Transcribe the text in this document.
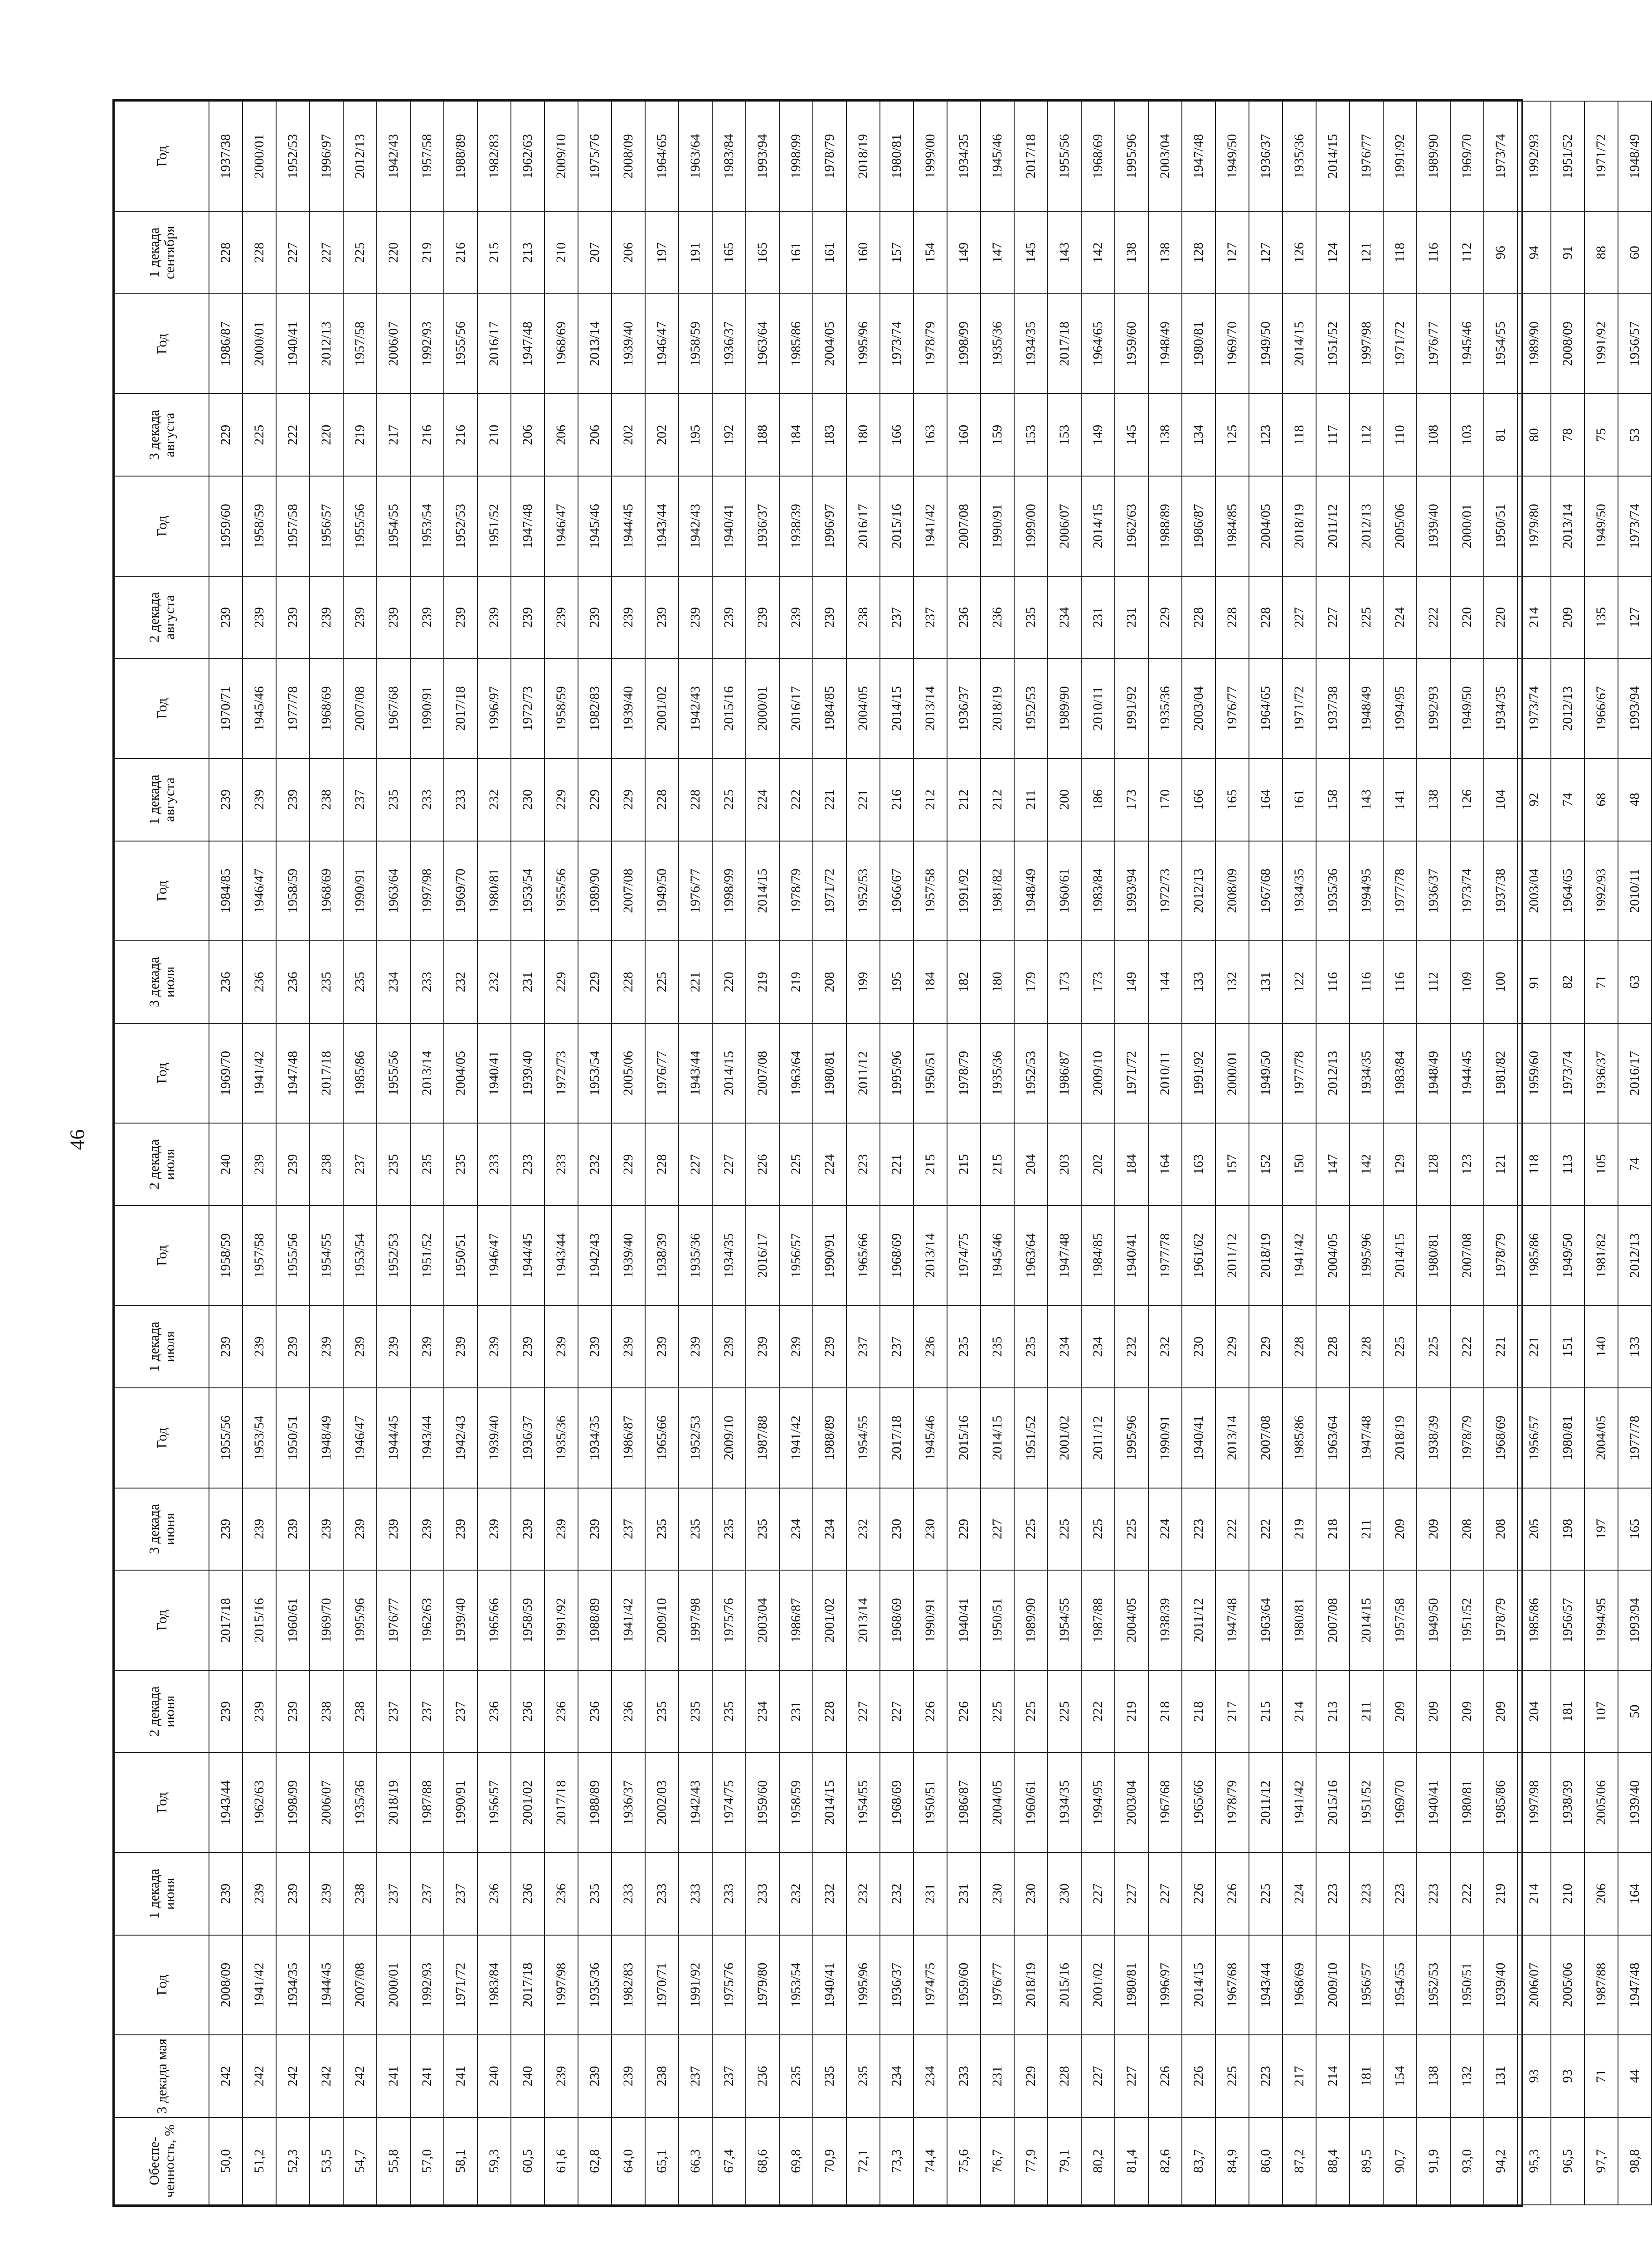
46
Обеспе- ченность, %	3 декада мая	Год	1 декада июня	Год	2 декада июня	Год	3 декада июня	Год	1 декада июля	Год	2 декада июля	Год	3 декада июля	Год	1 декада августа	Год	2 декада августа	Год	3 декада августа	Год	1 декада сентября	Год
50,0	242	2008/09	239	1943/44	239	2017/18	239	1955/56	239	1958/59	240	1969/70	236	1984/85	239	1970/71	239	1959/60	229	1986/87	228	1937/38
51,2	242	1941/42	239	1962/63	239	2015/16	239	1953/54	239	1957/58	239	1941/42	236	1946/47	239	1945/46	239	1958/59	225	2000/01	228	2000/01
52,3	242	1934/35	239	1998/99	239	1960/61	239	1950/51	239	1955/56	239	1947/48	236	1958/59	239	1977/78	239	1957/58	222	1940/41	227	1952/53
53,5	242	1944/45	239	2006/07	238	1969/70	239	1948/49	239	1954/55	238	2017/18	235	1968/69	238	1968/69	239	1956/57	220	2012/13	227	1996/97
54,7	242	2007/08	238	1935/36	238	1995/96	239	1946/47	239	1953/54	237	1985/86	235	1990/91	237	2007/08	239	1955/56	219	1957/58	225	2012/13
55,8	241	2000/01	237	2018/19	237	1976/77	239	1944/45	239	1952/53	235	1955/56	234	1963/64	235	1967/68	239	1954/55	217	2006/07	220	1942/43
57,0	241	1992/93	237	1987/88	237	1962/63	239	1943/44	239	1951/52	235	2013/14	233	1997/98	233	1990/91	239	1953/54	216	1992/93	219	1957/58
58,1	241	1971/72	237	1990/91	237	1939/40	239	1942/43	239	1950/51	235	2004/05	232	1969/70	233	2017/18	239	1952/53	216	1955/56	216	1988/89
59,3	240	1983/84	236	1956/57	236	1965/66	239	1939/40	239	1946/47	233	1940/41	232	1980/81	232	1996/97	239	1951/52	210	2016/17	215	1982/83
60,5	240	2017/18	236	2001/02	236	1958/59	239	1936/37	239	1944/45	233	1939/40	231	1953/54	230	1972/73	239	1947/48	206	1947/48	213	1962/63
61,6	239	1997/98	236	2017/18	236	1991/92	239	1935/36	239	1943/44	233	1972/73	229	1955/56	229	1958/59	239	1946/47	206	1968/69	210	2009/10
62,8	239	1935/36	235	1988/89	236	1988/89	239	1934/35	239	1942/43	232	1953/54	229	1989/90	229	1982/83	239	1945/46	206	2013/14	207	1975/76
64,0	239	1982/83	233	1936/37	236	1941/42	237	1986/87	239	1939/40	229	2005/06	228	2007/08	229	1939/40	239	1944/45	202	1939/40	206	2008/09
65,1	238	1970/71	233	2002/03	235	2009/10	235	1965/66	239	1938/39	228	1976/77	225	1949/50	228	2001/02	239	1943/44	202	1946/47	197	1964/65
66,3	237	1991/92	233	1942/43	235	1997/98	235	1952/53	239	1935/36	227	1943/44	221	1976/77	228	1942/43	239	1942/43	195	1958/59	191	1963/64
67,4	237	1975/76	233	1974/75	235	1975/76	235	2009/10	239	1934/35	227	2014/15	220	1998/99	225	2015/16	239	1940/41	192	1936/37	165	1983/84
68,6	236	1979/80	233	1959/60	234	2003/04	235	1987/88	239	2016/17	226	2007/08	219	2014/15	224	2000/01	239	1936/37	188	1963/64	165	1993/94
69,8	235	1953/54	232	1958/59	231	1986/87	234	1941/42	239	1956/57	225	1963/64	219	1978/79	222	2016/17	239	1938/39	184	1985/86	161	1998/99
70,9	235	1940/41	232	2014/15	228	2001/02	234	1988/89	239	1990/91	224	1980/81	208	1971/72	221	1984/85	239	1996/97	183	2004/05	161	1978/79
72,1	235	1995/96	232	1954/55	227	2013/14	232	1954/55	237	1965/66	223	2011/12	199	1952/53	221	2004/05	238	2016/17	180	1995/96	160	2018/19
73,3	234	1936/37	232	1968/69	227	1968/69	230	2017/18	237	1968/69	221	1995/96	195	1966/67	216	2014/15	237	2015/16	166	1973/74	157	1980/81
74,4	234	1974/75	231	1950/51	226	1990/91	230	1945/46	236	2013/14	215	1950/51	184	1957/58	212	2013/14	237	1941/42	163	1978/79	154	1999/00
75,6	233	1959/60	231	1986/87	226	1940/41	229	2015/16	235	1974/75	215	1978/79	182	1991/92	212	1936/37	236	2007/08	160	1998/99	149	1934/35
76,7	231	1976/77	230	2004/05	225	1950/51	227	2014/15	235	1945/46	215	1935/36	180	1981/82	212	2018/19	236	1990/91	159	1935/36	147	1945/46
77,9	229	2018/19	230	1960/61	225	1989/90	225	1951/52	235	1963/64	204	1952/53	179	1948/49	211	1952/53	235	1999/00	153	1934/35	145	2017/18
79,1	228	2015/16	230	1934/35	225	1954/55	225	2001/02	234	1947/48	203	1986/87	173	1960/61	200	1989/90	234	2006/07	153	2017/18	143	1955/56
80,2	227	2001/02	227	1994/95	222	1987/88	225	2011/12	234	1984/85	202	2009/10	173	1983/84	186	2010/11	231	2014/15	149	1964/65	142	1968/69
81,4	227	1980/81	227	2003/04	219	2004/05	225	1995/96	232	1940/41	184	1971/72	149	1993/94	173	1991/92	231	1962/63	145	1959/60	138	1995/96
82,6	226	1996/97	227	1967/68	218	1938/39	224	1990/91	232	1977/78	164	2010/11	144	1972/73	170	1935/36	229	1988/89	138	1948/49	138	2003/04
83,7	226	2014/15	226	1965/66	218	2011/12	223	1940/41	230	1961/62	163	1991/92	133	2012/13	166	2003/04	228	1986/87	134	1980/81	128	1947/48
84,9	225	1967/68	226	1978/79	217	1947/48	222	2013/14	229	2011/12	157	2000/01	132	2008/09	165	1976/77	228	1984/85	125	1969/70	127	1949/50
86,0	223	1943/44	225	2011/12	215	1963/64	222	2007/08	229	2018/19	152	1949/50	131	1967/68	164	1964/65	228	2004/05	123	1949/50	127	1936/37
87,2	217	1968/69	224	1941/42	214	1980/81	219	1985/86	228	1941/42	150	1977/78	122	1934/35	161	1971/72	227	2018/19	118	2014/15	126	1935/36
88,4	214	2009/10	223	2015/16	213	2007/08	218	1963/64	228	2004/05	147	2012/13	116	1935/36	158	1937/38	227	2011/12	117	1951/52	124	2014/15
89,5	181	1956/57	223	1951/52	211	2014/15	211	1947/48	228	1995/96	142	1934/35	116	1994/95	143	1948/49	225	2012/13	112	1997/98	121	1976/77
90,7	154	1954/55	223	1969/70	209	1957/58	209	2018/19	225	2014/15	129	1983/84	116	1977/78	141	1994/95	224	2005/06	110	1971/72	118	1991/92
91,9	138	1952/53	223	1940/41	209	1949/50	209	1938/39	225	1980/81	128	1948/49	112	1936/37	138	1992/93	222	1939/40	108	1976/77	116	1989/90
93,0	132	1950/51	222	1980/81	209	1951/52	208	1978/79	222	2007/08	123	1944/45	109	1973/74	126	1949/50	220	2000/01	103	1945/46	112	1969/70
94,2	131	1939/40	219	1985/86	209	1978/79	208	1968/69	221	1978/79	121	1981/82	100	1937/38	104	1934/35	220	1950/51	81	1954/55	96	1973/74
95,3	93	2006/07	214	1997/98	204	1985/86	205	1956/57	221	1985/86	118	1959/60	91	2003/04	92	1973/74	214	1979/80	80	1989/90	94	1992/93
96,5	93	2005/06	210	1938/39	181	1956/57	198	1980/81	151	1949/50	113	1973/74	82	1964/65	74	2012/13	209	2013/14	78	2008/09	91	1951/52
97,7	71	1987/88	206	2005/06	107	1994/95	197	2004/05	140	1981/82	105	1936/37	71	1992/93	68	1966/67	135	1949/50	75	1991/92	88	1971/72
98,8	44	1947/48	164	1939/40	50	1993/94	165	1977/78	133	2012/13	74	2016/17	63	2010/11	48	1993/94	127	1973/74	53	1956/57	60	1948/49
